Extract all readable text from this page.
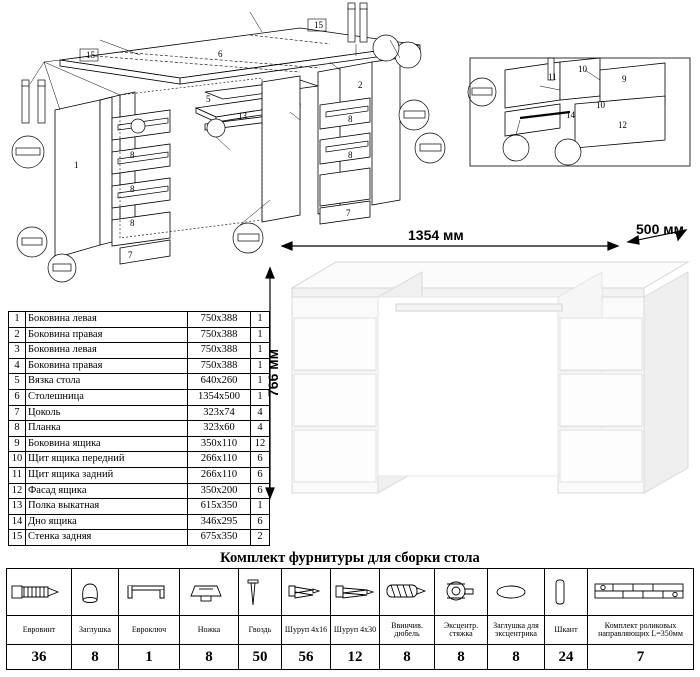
15
15
6
5
13
1
2
8
8
8
7
8
8
7
11
10
9
10
14
12
1354 мм	500 мм
766 мм
1	Боковина левая	750х388	1
2	Боковина правая	750х388	1
3	Боковина левая	750х388	1
4	Боковина правая	750х388	1
5	Вязка стола	640х260	1
6	Столешница	1354х500	1
7	Цоколь	323х74	4
8	Планка	323х60	4
9	Боковина ящика	350х110	12
10	Щит ящика передний	266х110	6
11	Щит ящика задний	266х110	6
12	Фасад ящика	350х200	6
13	Полка выкатная	615х350	1
14	Дно ящика	346х295	6
15	Стенка задняя	675х350	2
Комплект фурнитуры для сборки стола

Евровинт	Заглушка	Евроключ	Ножка	Гвоздь	Шуруп 4х16	Шуруп 4х30	Ввинчив. дюбель	Эксцентр. стяжка	Заглушка для эксцентрика	Шкант	Комплект роликовых направляющих L=350мм
36	8	1	8	50	56	12	8	8	8	24	7
